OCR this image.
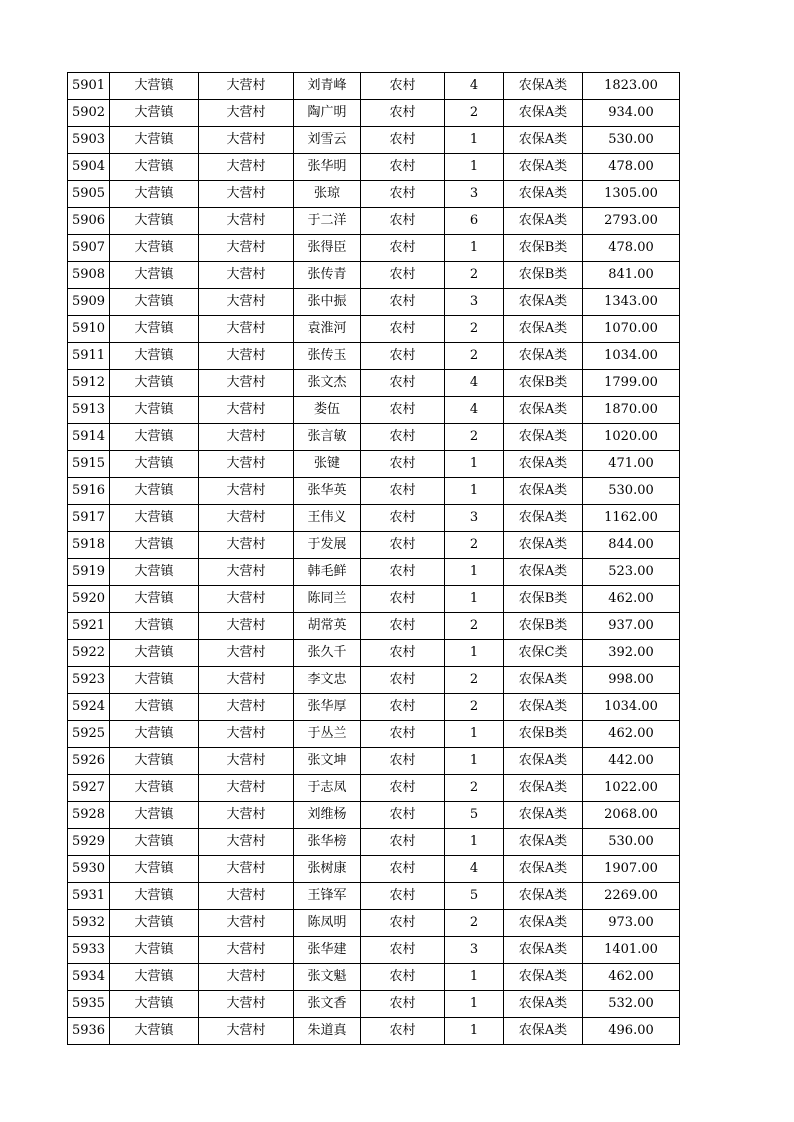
5901	大营镇	大营村	刘青峰	农村	4	农保A类	1823.00
5902	大营镇	大营村	陶广明	农村	2	农保A类	934.00
5903	大营镇	大营村	刘雪云	农村	1	农保A类	530.00
5904	大营镇	大营村	张华明	农村	1	农保A类	478.00
5905	大营镇	大营村	张琼	农村	3	农保A类	1305.00
5906	大营镇	大营村	于二洋	农村	6	农保A类	2793.00
5907	大营镇	大营村	张得臣	农村	1	农保B类	478.00
5908	大营镇	大营村	张传青	农村	2	农保B类	841.00
5909	大营镇	大营村	张中振	农村	3	农保A类	1343.00
5910	大营镇	大营村	袁淮河	农村	2	农保A类	1070.00
5911	大营镇	大营村	张传玉	农村	2	农保A类	1034.00
5912	大营镇	大营村	张文杰	农村	4	农保B类	1799.00
5913	大营镇	大营村	娄伍	农村	4	农保A类	1870.00
5914	大营镇	大营村	张言敏	农村	2	农保A类	1020.00
5915	大营镇	大营村	张键	农村	1	农保A类	471.00
5916	大营镇	大营村	张华英	农村	1	农保A类	530.00
5917	大营镇	大营村	王伟义	农村	3	农保A类	1162.00
5918	大营镇	大营村	于发展	农村	2	农保A类	844.00
5919	大营镇	大营村	韩毛鲜	农村	1	农保A类	523.00
5920	大营镇	大营村	陈同兰	农村	1	农保B类	462.00
5921	大营镇	大营村	胡常英	农村	2	农保B类	937.00
5922	大营镇	大营村	张久千	农村	1	农保C类	392.00
5923	大营镇	大营村	李文忠	农村	2	农保A类	998.00
5924	大营镇	大营村	张华厚	农村	2	农保A类	1034.00
5925	大营镇	大营村	于丛兰	农村	1	农保B类	462.00
5926	大营镇	大营村	张文坤	农村	1	农保A类	442.00
5927	大营镇	大营村	于志凤	农村	2	农保A类	1022.00
5928	大营镇	大营村	刘维杨	农村	5	农保A类	2068.00
5929	大营镇	大营村	张华榜	农村	1	农保A类	530.00
5930	大营镇	大营村	张树康	农村	4	农保A类	1907.00
5931	大营镇	大营村	王锋军	农村	5	农保A类	2269.00
5932	大营镇	大营村	陈凤明	农村	2	农保A类	973.00
5933	大营镇	大营村	张华建	农村	3	农保A类	1401.00
5934	大营镇	大营村	张文魁	农村	1	农保A类	462.00
5935	大营镇	大营村	张文香	农村	1	农保A类	532.00
5936	大营镇	大营村	朱道真	农村	1	农保A类	496.00
